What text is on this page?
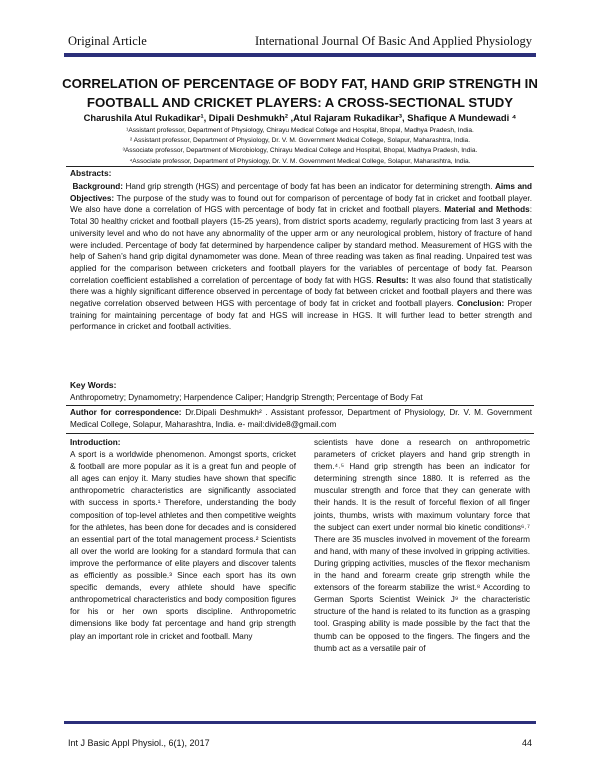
Original Article	International Journal Of Basic And Applied Physiology
CORRELATION OF PERCENTAGE OF BODY FAT, HAND GRIP STRENGTH IN
FOOTBALL AND CRICKET PLAYERS: A CROSS-SECTIONAL STUDY
Charushila Atul Rukadikar¹, Dipali Deshmukh² ,Atul Rajaram Rukadikar³, Shafique A Mundewadi ⁴
¹Assistant professor, Department of Physiology, Chirayu Medical College and Hospital, Bhopal, Madhya Pradesh, India.
² Assistant professor, Department of Physiology, Dr. V. M. Government Medical College, Solapur, Maharashtra, India.
³Associate professor, Department of Microbiology, Chirayu Medical College and Hospital, Bhopal, Madhya Pradesh, India.
⁴Associate professor, Department of Physiology, Dr. V. M. Government Medical College, Solapur, Maharashtra, India.
Abstracts:
Background: Hand grip strength (HGS) and percentage of body fat has been an indicator for determining strength. Aims and Objectives: The purpose of the study was to found out for comparison of percentage of body fat in cricket and football player. We also have done a correlation of HGS with percentage of body fat in cricket and football players. Material and Methods: Total 30 healthy cricket and football players (15-25 years), from district sports academy, regularly practicing from last 3 years at university level and who do not have any abnormality of the upper arm or any neurological problem, history of fracture of hand were included. Percentage of body fat determined by harpendence caliper by standard method. Measurement of HGS with the help of Sahen’s hand grip digital dynamometer was done. Mean of three reading was taken as final reading. Unpaired test was applied for the comparison between cricketers and football players for the variables of percentage of body fat. Pearson correlation coefficient established a correlation of percentage of body fat with HGS. Results: It was also found that statistically there was a highly significant difference observed in percentage of body fat between cricket and football players and there was negative correlation observed between HGS with percentage of body fat in cricket and football players. Conclusion: Proper training for maintaining percentage of body fat and HGS will increase in HGS. It will further lead to better strength and performance in cricket and football activities.
Key Words:
Anthropometry; Dynamometry; Harpendence Caliper; Handgrip Strength; Percentage of Body Fat
Author for correspondence: Dr.Dipali Deshmukh² . Assistant professor, Department of Physiology, Dr. V. M. Government Medical College, Solapur, Maharashtra, India. e- mail:divide8@gmail.com
Introduction:
A sport is a worldwide phenomenon. Amongst sports, cricket & football are more popular as it is a great fun and people of all ages can enjoy it. Many studies have shown that specific anthropometric characteristics are significantly associated with success in sports.¹ Therefore, understanding the body composition of top-level athletes and then competitive weights for the athletes, has been done for decades and is considered an essential part of the total management process.² Scientists all over the world are looking for a standard formula that can improve the performance of elite players and discover talents as efficiently as possible.³ Since each sport has its own specific demands, every athlete should have specific anthropometrical characteristics and body composition figures for his or her own sports discipline. Anthropometric dimensions like body fat percentage and hand grip strength play an important role in cricket and football. Many
scientists have done a research on anthropometric parameters of cricket players and hand grip strength in them.⁴˒⁵ Hand grip strength has been an indicator for determining strength since 1880. It is referred as the muscular strength and force that they can generate with their hands. It is the result of forceful flexion of all finger joints, thumbs, wrists with maximum voluntary force that the subject can exert under normal bio kinetic conditions⁶˒⁷ There are 35 muscles involved in movement of the forearm and hand, with many of these involved in gripping activities. During gripping activities, muscles of the flexor mechanism in the hand and forearm create grip strength while the extensors of the forearm stabilize the wrist.⁸ According to German Sports Scientist Weinick J⁹ the characteristic structure of the hand is related to its function as a grasping tool. Grasping ability is made possible by the fact that the thumb can be opposed to the fingers. The fingers and the thumb act as a versatile pair of
Int J Basic Appl Physiol., 6(1), 2017	44
